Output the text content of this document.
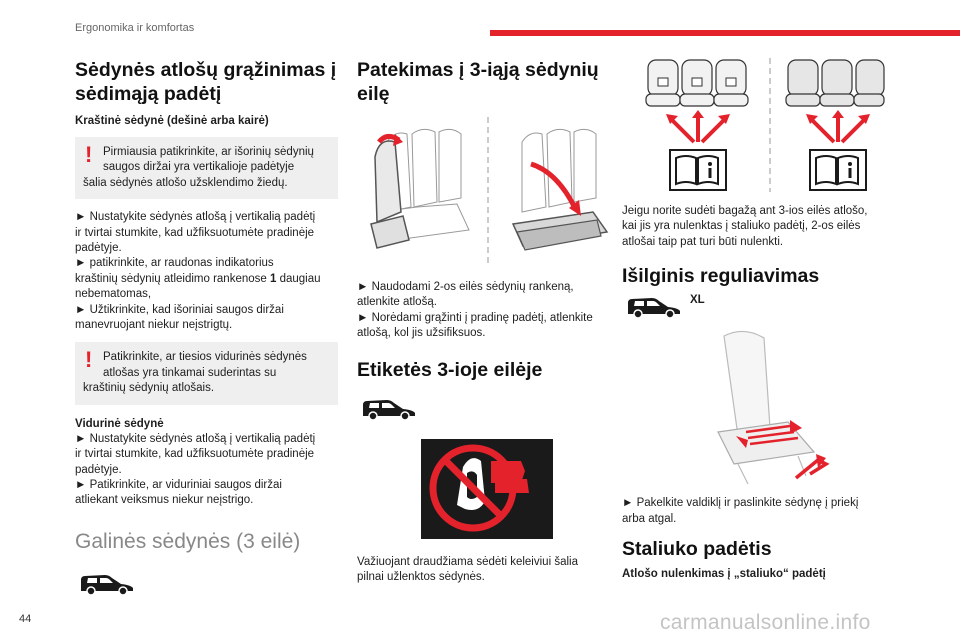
Ergonomika ir komfortas
Sėdynės atlošų grąžinimas į
sėdimąją padėtį

Kraštinė sėdynė (dešinė arba kairė)

! Pirmiausia patikrinkite, ar išorinių sėdynių
saugos diržai yra vertikalioje padėtyje
šalia sėdynės atlošo užsklendimo žiedų.

► Nustatykite sėdynės atlošą į vertikalią padėtį
ir tvirtai stumkite, kad užfiksuotumėte pradinėje
padėtyje.
► patikrinkite, ar raudonas indikatorius
kraštinių sėdynių atleidimo rankenose 1 daugiau
nebematomas,
► Užtikrinkite, kad išoriniai saugos diržai
manevruojant niekur neįstrigtų.

! Patikrinkite, ar tiesios vidurinės sėdynės
atlošas yra tinkamai suderintas su
kraštinių sėdynių atlošais.

Vidurinė sėdynė

► Nustatykite sėdynės atlošą į vertikalią padėtį
ir tvirtai stumkite, kad užfiksuotumėte pradinėje
padėtyje.
► Patikrinkite, ar viduriniai saugos diržai
atliekant veiksmus niekur neįstrigo.

Galinės sėdynės (3 eilė)
Patekimas į 3-iąją sėdynių
eilę

► Naudodami 2-os eilės sėdynių rankeną,
atlenkite atlošą.
► Norėdami grąžinti į pradinę padėtį, atlenkite
atlošą, kol jis užsifiksuos.

Etiketės 3-ioje eilėje

Važiuojant draudžiama sėdėti keleiviui šalia
pilnai užlenktos sėdynės.

Jeigu norite sudėti bagažą ant 3-ios eilės atlošo,
kai jis yra nulenktas į staliuko padėtį, 2-os eilės
atlošai taip pat turi būti nulenkti.

Išilginis reguliavimas
XL

► Pakelkite valdiklį ir paslinkite sėdynę į priekį
arba atgal.

Staliuko padėtis

Atlošo nulenkimas į „staliuko“ padėtį

44	carmanualsonline.info
